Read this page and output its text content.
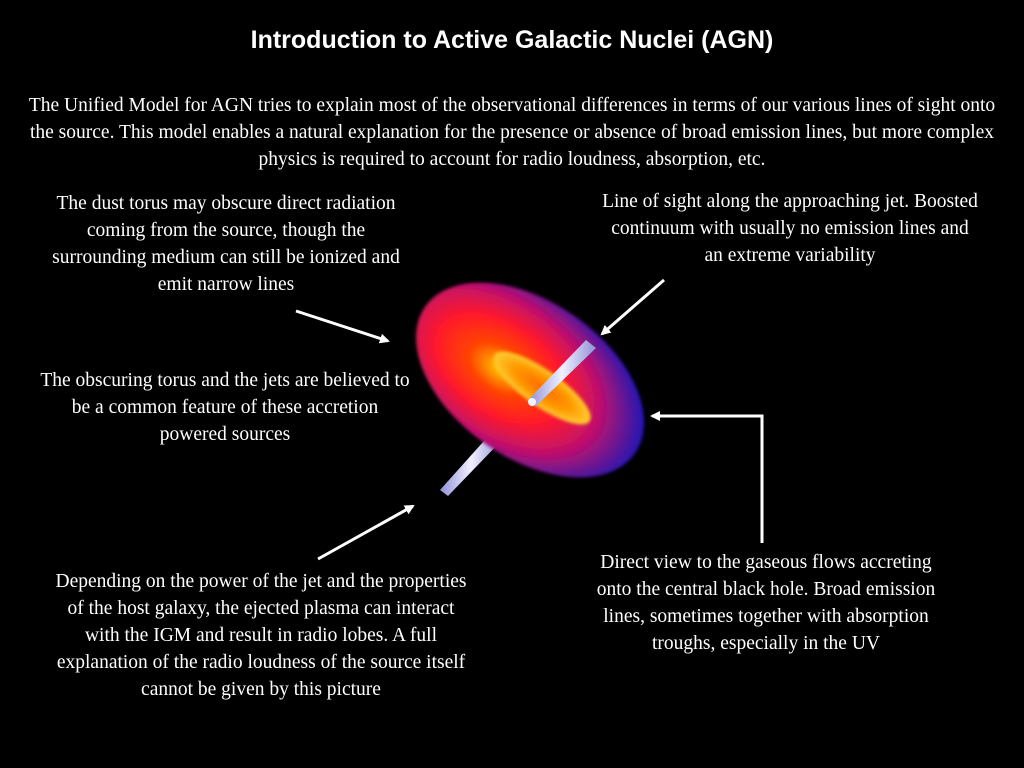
Introduction to Active Galactic Nuclei (AGN)

The Unified Model for AGN tries to explain most of the observational differences in terms of our various lines of sight onto the source. This model enables a natural explanation for the presence or absence of broad emission lines, but more complex physics is required to account for radio loudness, absorption, etc.

The dust torus may obscure direct radiation coming from the source, though the surrounding medium can still be ionized and emit narrow lines

Line of sight along the approaching jet. Boosted continuum with usually no emission lines and an extreme variability

The obscuring torus and the jets are believed to be a common feature of these accretion powered sources

Direct view to the gaseous flows accreting onto the central black hole. Broad emission lines, sometimes together with absorption troughs, especially in the UV

Depending on the power of the jet and the properties of the host galaxy, the ejected plasma can interact with the IGM and result in radio lobes. A full explanation of the radio loudness of the source itself cannot be given by this picture
